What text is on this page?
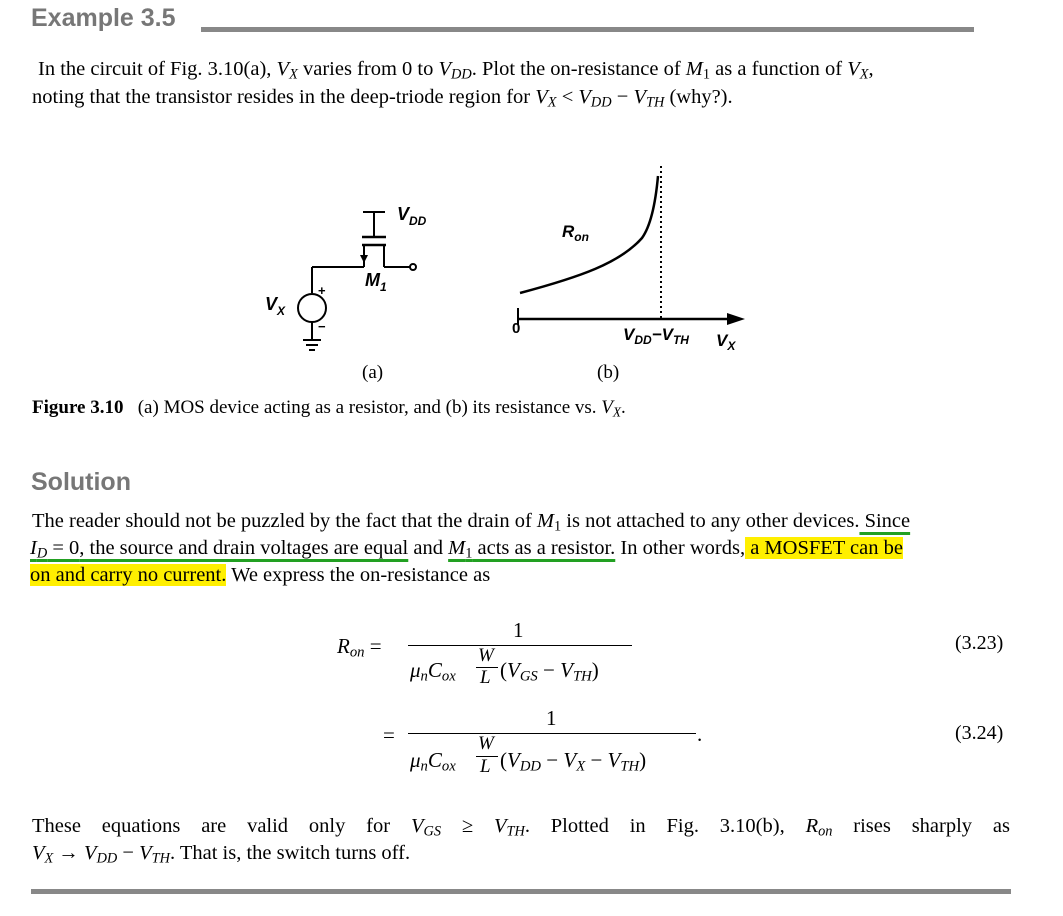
Example 3.5
In the circuit of Fig. 3.10(a), $V_X$ varies from 0 to $V_{DD}$. Plot the on-resistance of $M_1$ as a function of $V_X$,
noting that the transistor resides in the deep-triode region for $V_X < V_{DD} - V_{TH}$ (why?).
$V_{DD}$
$M_1$
$V_X$
+
−
$R_{on}$
0	$V_{DD}-V_{TH}$ $V_X$
(a)	(b)
Figure 3.10 (a) MOS device acting as a resistor, and (b) its resistance vs. $V_X$.
Solution
The reader should not be puzzled by the fact that the drain of $M_1$ is not attached to any other devices. Since
$I_D = 0$, the source and drain voltages are equal and $M_1$ acts as a resistor. In other words, a MOSFET can be
on and carry no current. We express the on-resistance as
$R_{on}$ =
1
$\mu_nC_{ox}$
W
L $(V_{GS} - V_{TH})$
(3.23)
=
1
.
$\mu_nC_{ox}$
W
L $(V_{DD} - V_X - V_{TH})$
(3.24)
These equations are valid only for $V_{GS} \ge V_{TH}$. Plotted in Fig. 3.10(b), $R_{on}$ rises sharply as
$V_X \to V_{DD} - V_{TH}$. That is, the switch turns off.
